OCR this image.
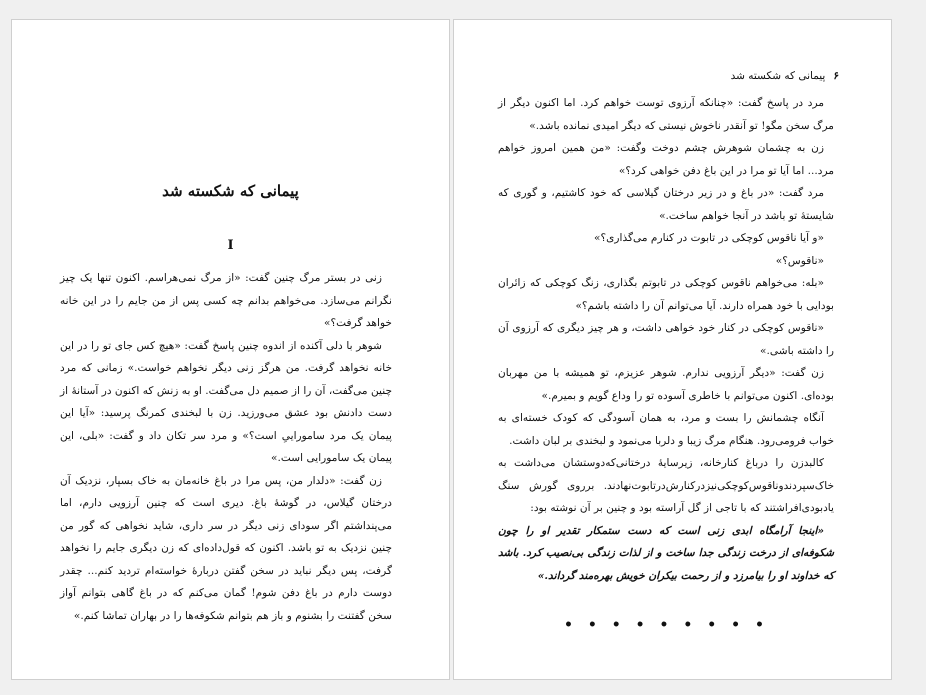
پیمانی که شکسته شد
I

زنی در بستر مرگ چنین گفت: «از مرگ نمی‌هراسم. اکنون تنها یک چیز نگرانم می‌سازد. می‌خواهم بدانم چه کسی پس از من جایم را در این خانه خواهد گرفت؟»

شوهر با دلی آکنده از اندوه چنین پاسخ گفت: «هیچ کس جای تو را در این خانه نخواهد گرفت. من هرگز زنی دیگر نخواهم خواست.» زمانی که مرد چنین می‌گفت، آن را از صمیم دل می‌گفت. او به زنش که اکنون در آستانهٔ از دست دادنش بود عشق می‌ورزید. زن با لبخندی کمرنگ پرسید: «آیا این پیمان یک مرد ساموراییِ است؟» و مرد سر تکان داد و گفت: «بلی، این پیمان یک سامورایی است.»

زن گفت: «دلدار من، پس مرا در باغ خانه‌مان به خاک بسپار، نزدیک آن درختان گیلاس، در گوشهٔ باغ. دیری است که چنین آرزویی دارم، اما می‌پنداشتم اگر سودای زنی دیگر در سر داری، شاید نخواهی که گور من چنین نزدیک به تو باشد. اکنون که قول‌داده‌ای که زن دیگری جایم را نخواهد گرفت، پس دیگر نباید در سخن گفتن دربارهٔ خواسته‌ام تردید کنم... چقدر دوست دارم در باغ دفن شوم! گمان می‌کنم که در باغ گاهی بتوانم آواز سخن گفتنت را بشنوم و باز هم بتوانم شکوفه‌ها را در بهاران تماشا کنم.»

۶
پیمانی که شکسته شد

مرد در پاسخ گفت: «چنانکه آرزوی توست خواهم کرد. اما اکنون دیگر از مرگ سخن مگو! تو آنقدر ناخوش نیستی که دیگر امیدی نمانده باشد.»

زن به چشمان شوهرش چشم دوخت وگفت: «من همین امروز خواهم مرد... اما آیا تو مرا در این باغ دفن خواهی کرد؟»

مرد گفت: «در باغ و در زیر درختان گیلاسی که خود کاشتیم، و گوری که شایستهٔ تو باشد در آنجا خواهم ساخت.»

«و آیا ناقوس کوچکی در تابوت در کنارم می‌گذاری؟»

«ناقوس؟»

«بله: می‌خواهم ناقوس کوچکی در تابوتم بگذاری، زنگ کوچکی که زائران بودایی با خود همراه دارند. آیا می‌توانم آن را داشته باشم؟»

«ناقوس کوچکی در کنار خود خواهی داشت، و هر چیز دیگری که آرزوی آن را داشته باشی.»

زن گفت: «دیگر آرزویی ندارم. شوهر عزیزم، تو همیشه با من مهربان بوده‌ای. اکنون می‌توانم با خاطری آسوده تو را وداع گویم و بمیرم.»

آنگاه چشمانش را بست و مرد، به همان آسودگی که کودک خسته‌ای به خواب فرومی‌رود. هنگام مرگ زیبا و دلربا می‌نمود و لبخندی بر لبان داشت.

کالبدزن را درباغ کنارخانه، زیرسایهٔ درختانی‌که‌دوستشان می‌داشت به خاک‌سپردندوناقوس‌کوچکی‌نیز‌درکنارش‌درتابوت‌نهادند. برروی گورش سنگ یادبودی‌افراشتند که با تاجی از گل آراسته بود و چنین بر آن نوشته بود:

«اینجا آرامگاه ابدی زنی است که دست ستمکار تقدیر او را چون شکوفه‌ای از درخت زندگی جدا ساخت و از لذات زندگی بی‌نصیب کرد. باشد که خداوند او را بیامرزد و از رحمت بیکران خویش بهره‌مند گرداند.»

• • • • • • • • •
